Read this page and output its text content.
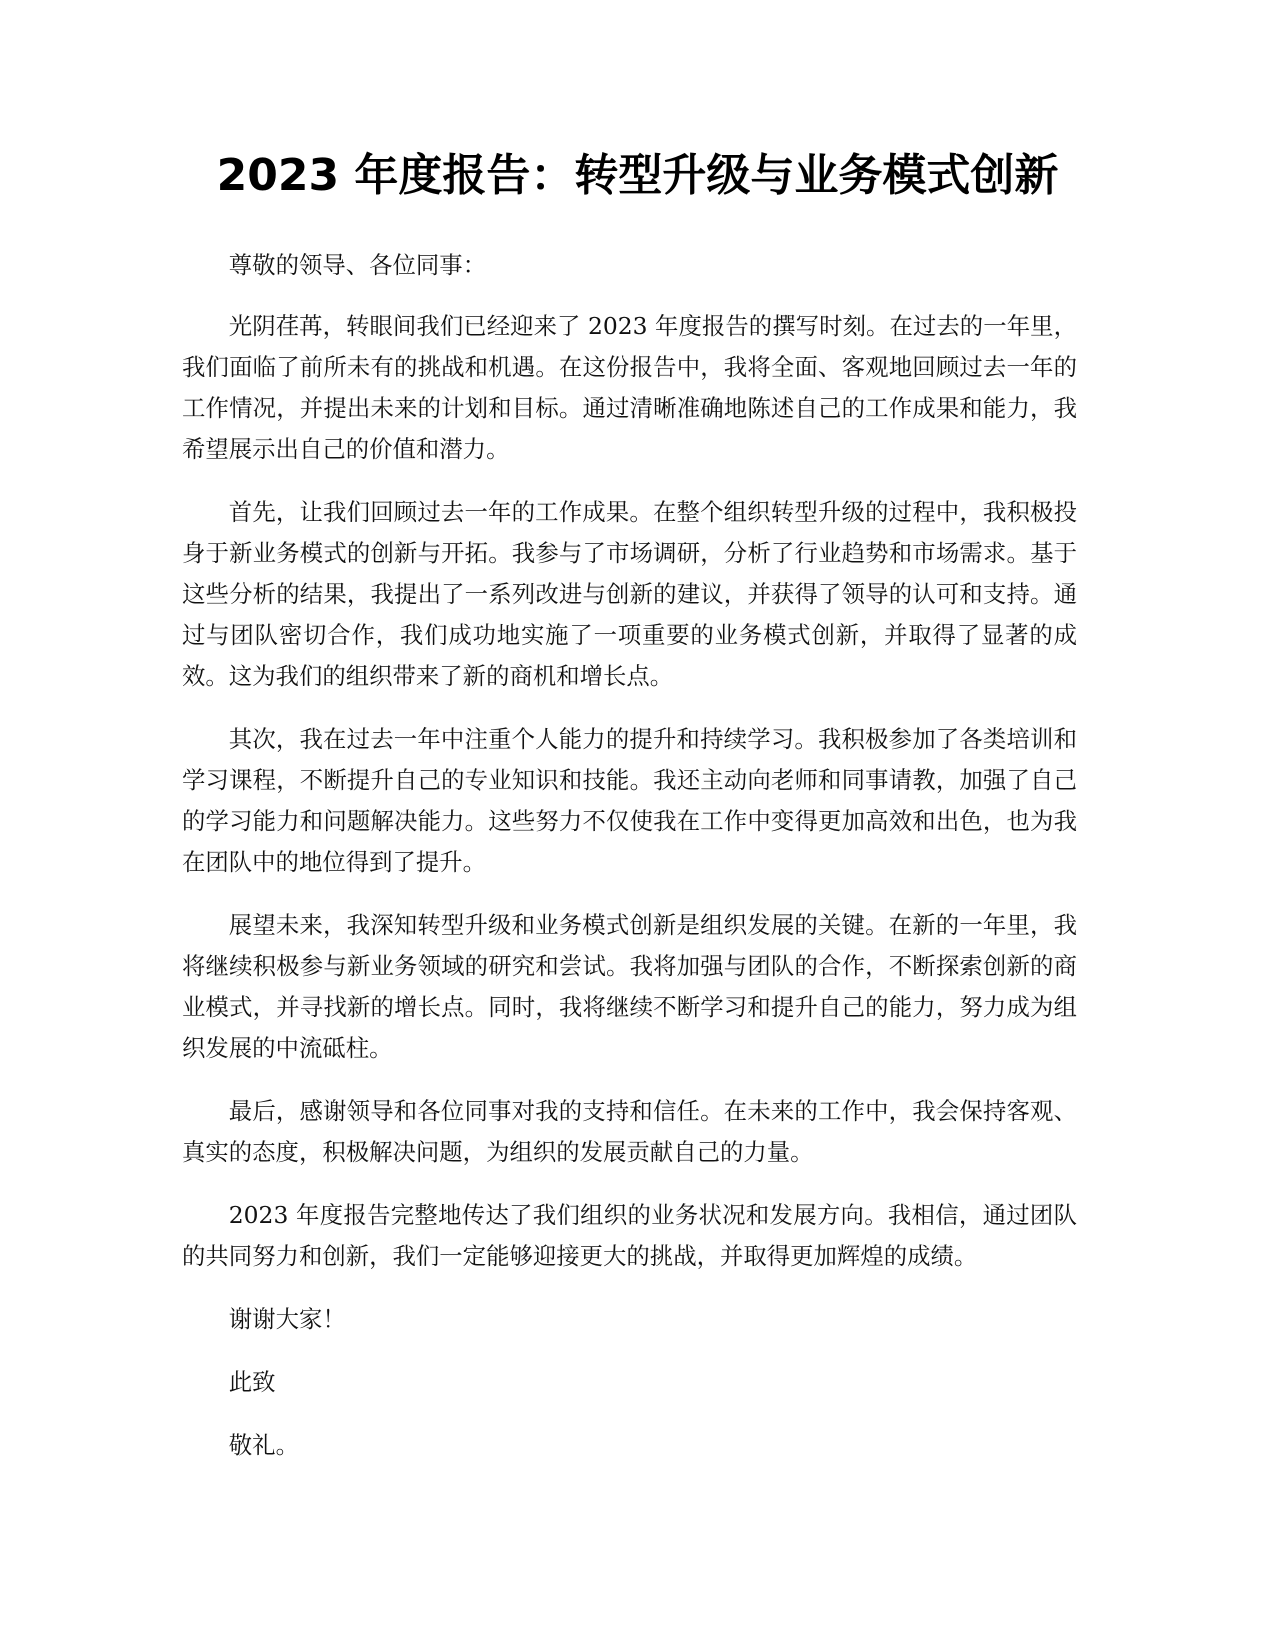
2023 年度报告：转型升级与业务模式创新

尊敬的领导、各位同事：

光阴荏苒，转眼间我们已经迎来了 2023 年度报告的撰写时刻。在过去的一年里，我们面临了前所未有的挑战和机遇。在这份报告中，我将全面、客观地回顾过去一年的工作情况，并提出未来的计划和目标。通过清晰准确地陈述自己的工作成果和能力，我希望展示出自己的价值和潜力。

首先，让我们回顾过去一年的工作成果。在整个组织转型升级的过程中，我积极投身于新业务模式的创新与开拓。我参与了市场调研，分析了行业趋势和市场需求。基于这些分析的结果，我提出了一系列改进与创新的建议，并获得了领导的认可和支持。通过与团队密切合作，我们成功地实施了一项重要的业务模式创新，并取得了显著的成效。这为我们的组织带来了新的商机和增长点。

其次，我在过去一年中注重个人能力的提升和持续学习。我积极参加了各类培训和学习课程，不断提升自己的专业知识和技能。我还主动向老师和同事请教，加强了自己的学习能力和问题解决能力。这些努力不仅使我在工作中变得更加高效和出色，也为我在团队中的地位得到了提升。

展望未来，我深知转型升级和业务模式创新是组织发展的关键。在新的一年里，我将继续积极参与新业务领域的研究和尝试。我将加强与团队的合作，不断探索创新的商业模式，并寻找新的增长点。同时，我将继续不断学习和提升自己的能力，努力成为组织发展的中流砥柱。

最后，感谢领导和各位同事对我的支持和信任。在未来的工作中，我会保持客观、真实的态度，积极解决问题，为组织的发展贡献自己的力量。

2023 年度报告完整地传达了我们组织的业务状况和发展方向。我相信，通过团队的共同努力和创新，我们一定能够迎接更大的挑战，并取得更加辉煌的成绩。

谢谢大家！

此致

敬礼。
